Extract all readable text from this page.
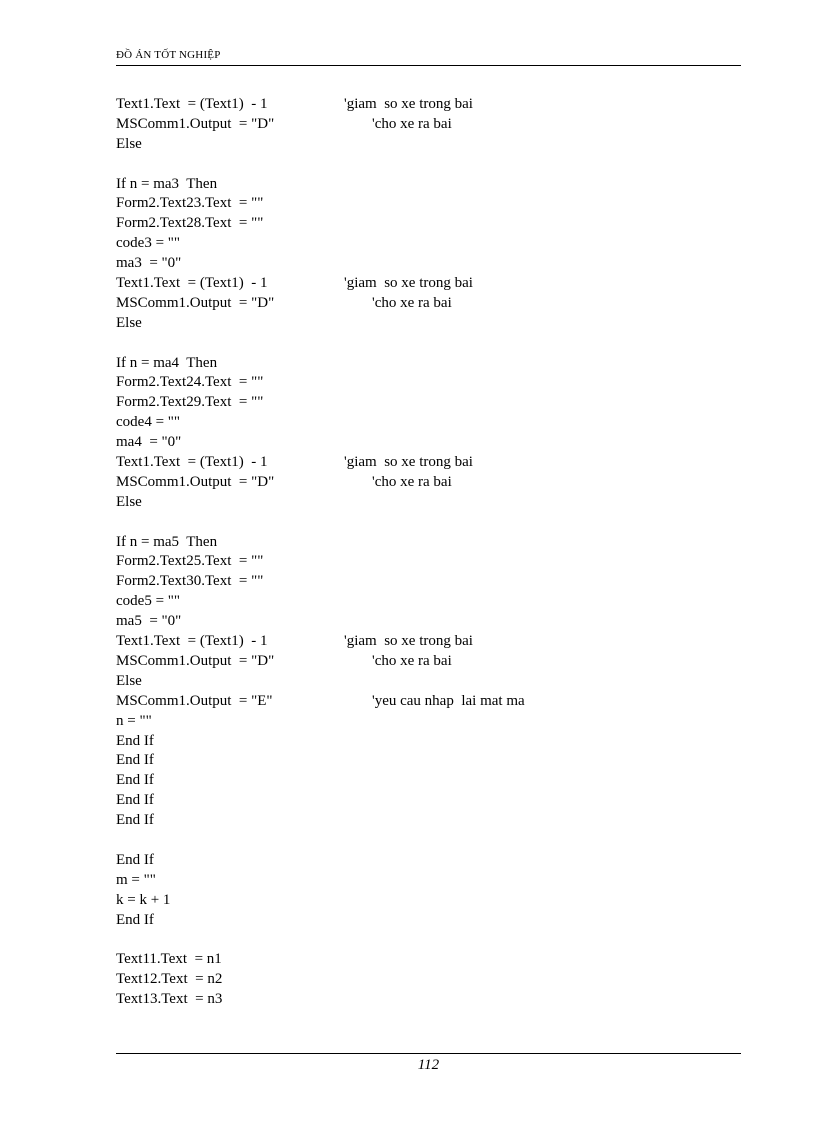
ĐỒ ÁN TỐT NGHIỆP
Text1.Text  = (Text1)  - 1	'giam  so xe trong bai
MSComm1.Output  = "D"	'cho xe ra bai
Else
If n = ma3  Then
Form2.Text23.Text  = ""
Form2.Text28.Text  = ""
code3 = ""
ma3  = "0"
Text1.Text  = (Text1)  - 1	'giam  so xe trong bai
MSComm1.Output  = "D"	'cho xe ra bai
Else
If n = ma4  Then
Form2.Text24.Text  = ""
Form2.Text29.Text  = ""
code4 = ""
ma4  = "0"
Text1.Text  = (Text1)  - 1	'giam  so xe trong bai
MSComm1.Output  = "D"	'cho xe ra bai
Else
If n = ma5  Then
Form2.Text25.Text  = ""
Form2.Text30.Text  = ""
code5 = ""
ma5  = "0"
Text1.Text  = (Text1)  - 1	'giam  so xe trong bai
MSComm1.Output  = "D"	'cho xe ra bai
Else
MSComm1.Output  = "E"	'yeu cau nhap  lai mat ma
n = ""
End If
End If
End If
End If
End If
End If
m = ""
k = k + 1
End If
Text11.Text  = n1
Text12.Text  = n2
Text13.Text  = n3
112
